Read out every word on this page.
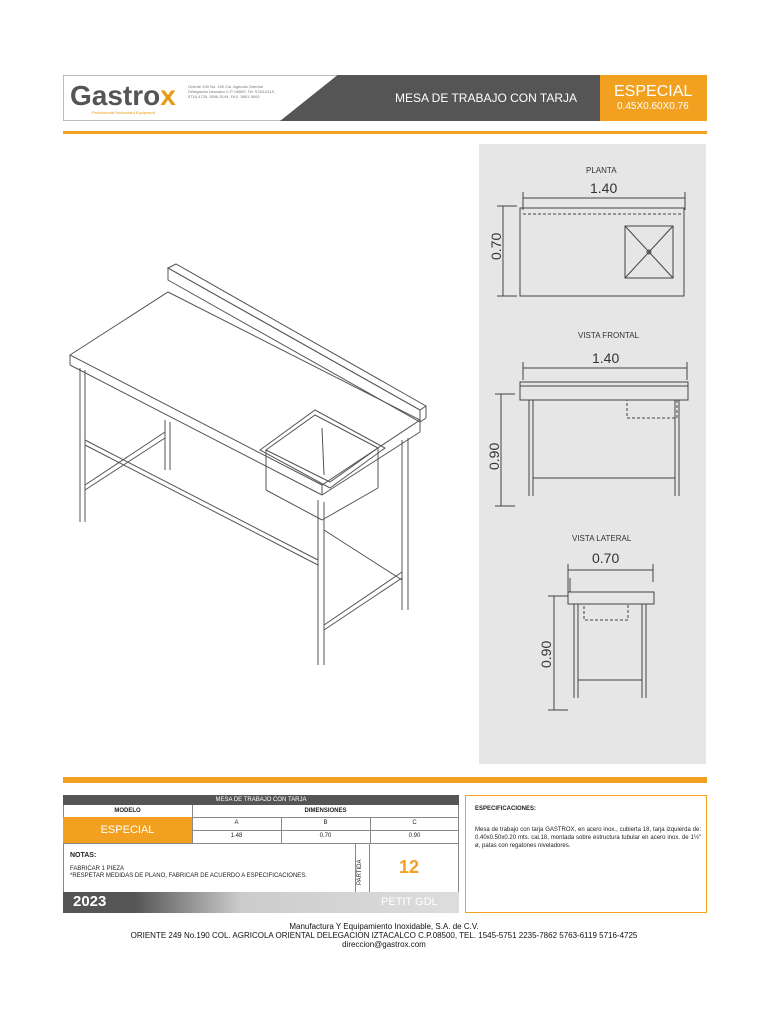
Gastrox
Professional Restaurant Equipment
Oriente 249 No. 190 Col. Agricola Oriental Delegación Iztacalco C.P. 08500, Tel. 5763-6119, 5716-4725, 5546-5144, FAX. 5801-9000	MESA DE TRABAJO CON TARJA ESPECIAL
0.45X0.60X0.76
PLANTA
1.40
0.70
VISTA FRONTAL
1.40
0.90
VISTA LATERAL
0.70
0.90
MESA DE TRABAJO CON TARJA
MODELO	DIMENSIONES
A	B	C
1.48	0.70	0.90
ESPECIAL
NOTAS:
FABRICAR 1 PIEZA
*RESPETAR MEDIDAS DE PLANO, FABRICAR DE ACUERDO A ESPECIFICACIONES.	PARTIDA 12
2023	PETIT GDL
ESPECIFICACIONES:
Mesa de trabajo con tarja GASTROX, en acero inox., cubierta 18, tarja izquierda de: 0.40x0.50x0.20 mts. cal.18, montada sobre estructura tubular en acero inox. de 1½" ø, patas con regatones niveladores.
Manufactura Y Equipamiento Inoxidable, S.A. de C.V.
ORIENTE 249 No.190 COL. AGRICOLA ORIENTAL DELEGACION IZTACALCO C.P.08500, TEL. 1545-5751 2235-7862 5763-6119 5716-4725
direccion@gastrox.com
